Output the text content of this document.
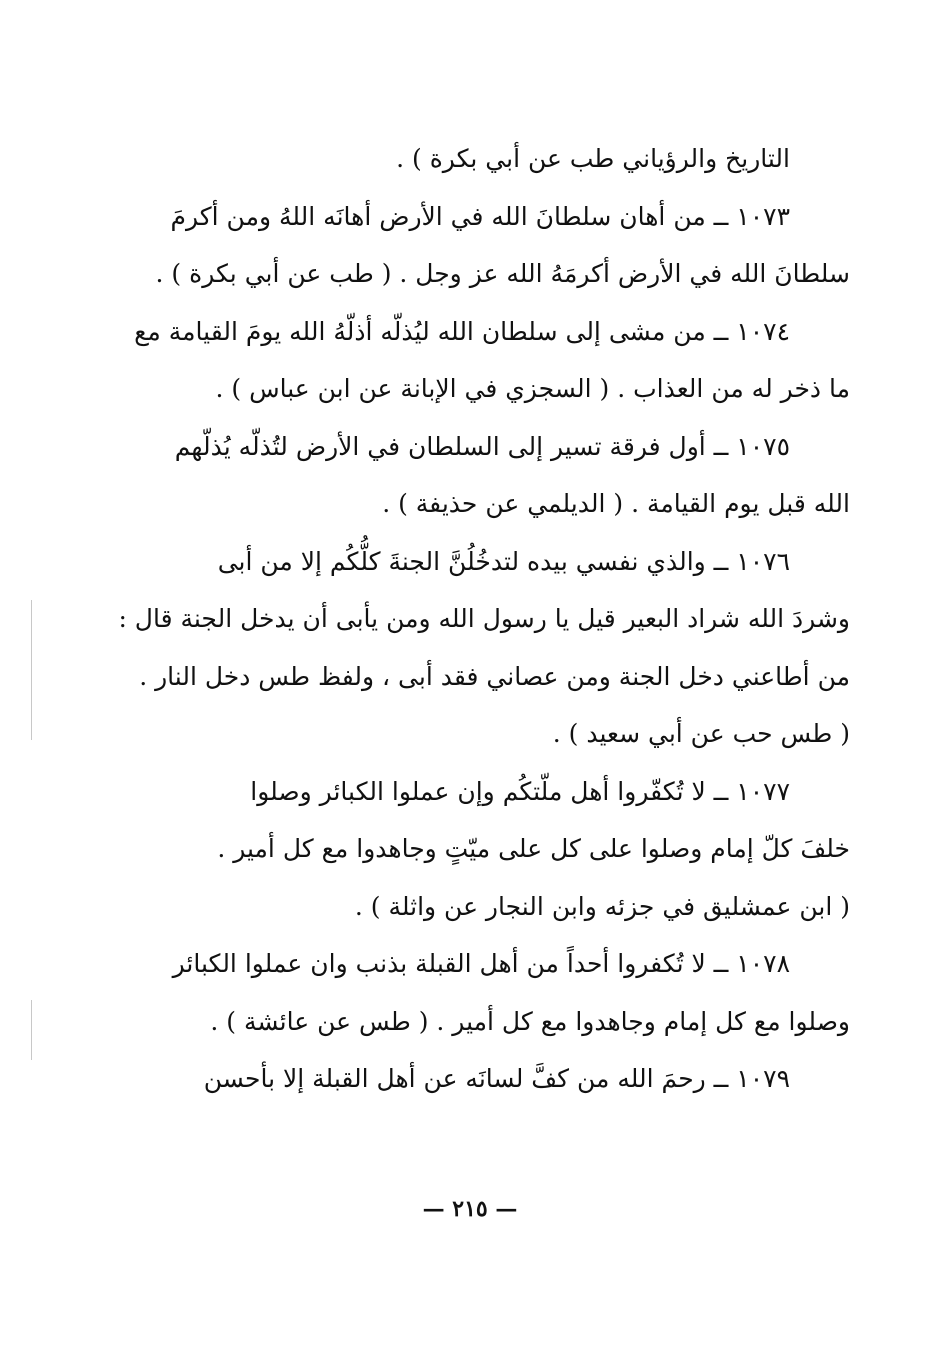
التاريخ والرؤياني طب عن أبي بكرة ) .
١٠٧٣ ــ من أهان سلطانَ الله في الأرض أهانَه اللهُ ومن أكرمَ
سلطانَ الله في الأرض أكرمَهُ الله عز وجل . ( طب عن أبي بكرة ) .
١٠٧٤ ــ من مشى إلى سلطان الله ليُذلّه أذلّهُ الله يومَ القيامة مع
ما ذخر له من العذاب . ( السجزي في الإبانة عن ابن عباس ) .
١٠٧٥ ــ أول فرقة تسير إلى السلطان في الأرض لتُذلّه يُذلّهم
الله قبل يوم القيامة . ( الديلمي عن حذيفة ) .
١٠٧٦ ــ والذي نفسي بيده لتدخُلُنَّ الجنةَ كلُّكُم إلا من أبى
وشردَ الله شراد البعير قيل يا رسول الله ومن يأبى أن يدخل الجنة قال :
من أطاعني دخل الجنة ومن عصاني فقد أبى ، ولفظ طس دخل النار .
( طس حب عن أبي سعيد ) .
١٠٧٧ ــ لا تُكفّروا أهل ملّتكُم وإن عملوا الكبائر وصلوا
خلفَ كلّ إمام وصلوا على كل على ميّتٍ وجاهدوا مع كل أمير .
( ابن عمشليق في جزئه وابن النجار عن واثلة ) .
١٠٧٨ ــ لا تُكفروا أحداً من أهل القبلة بذنب وان عملوا الكبائر
وصلوا مع كل إمام وجاهدوا مع كل أمير . ( طس عن عائشة ) .
١٠٧٩ ــ رحمَ الله من كفَّ لسانَه عن أهل القبلة إلا بأحسن
— ٢١٥ —
